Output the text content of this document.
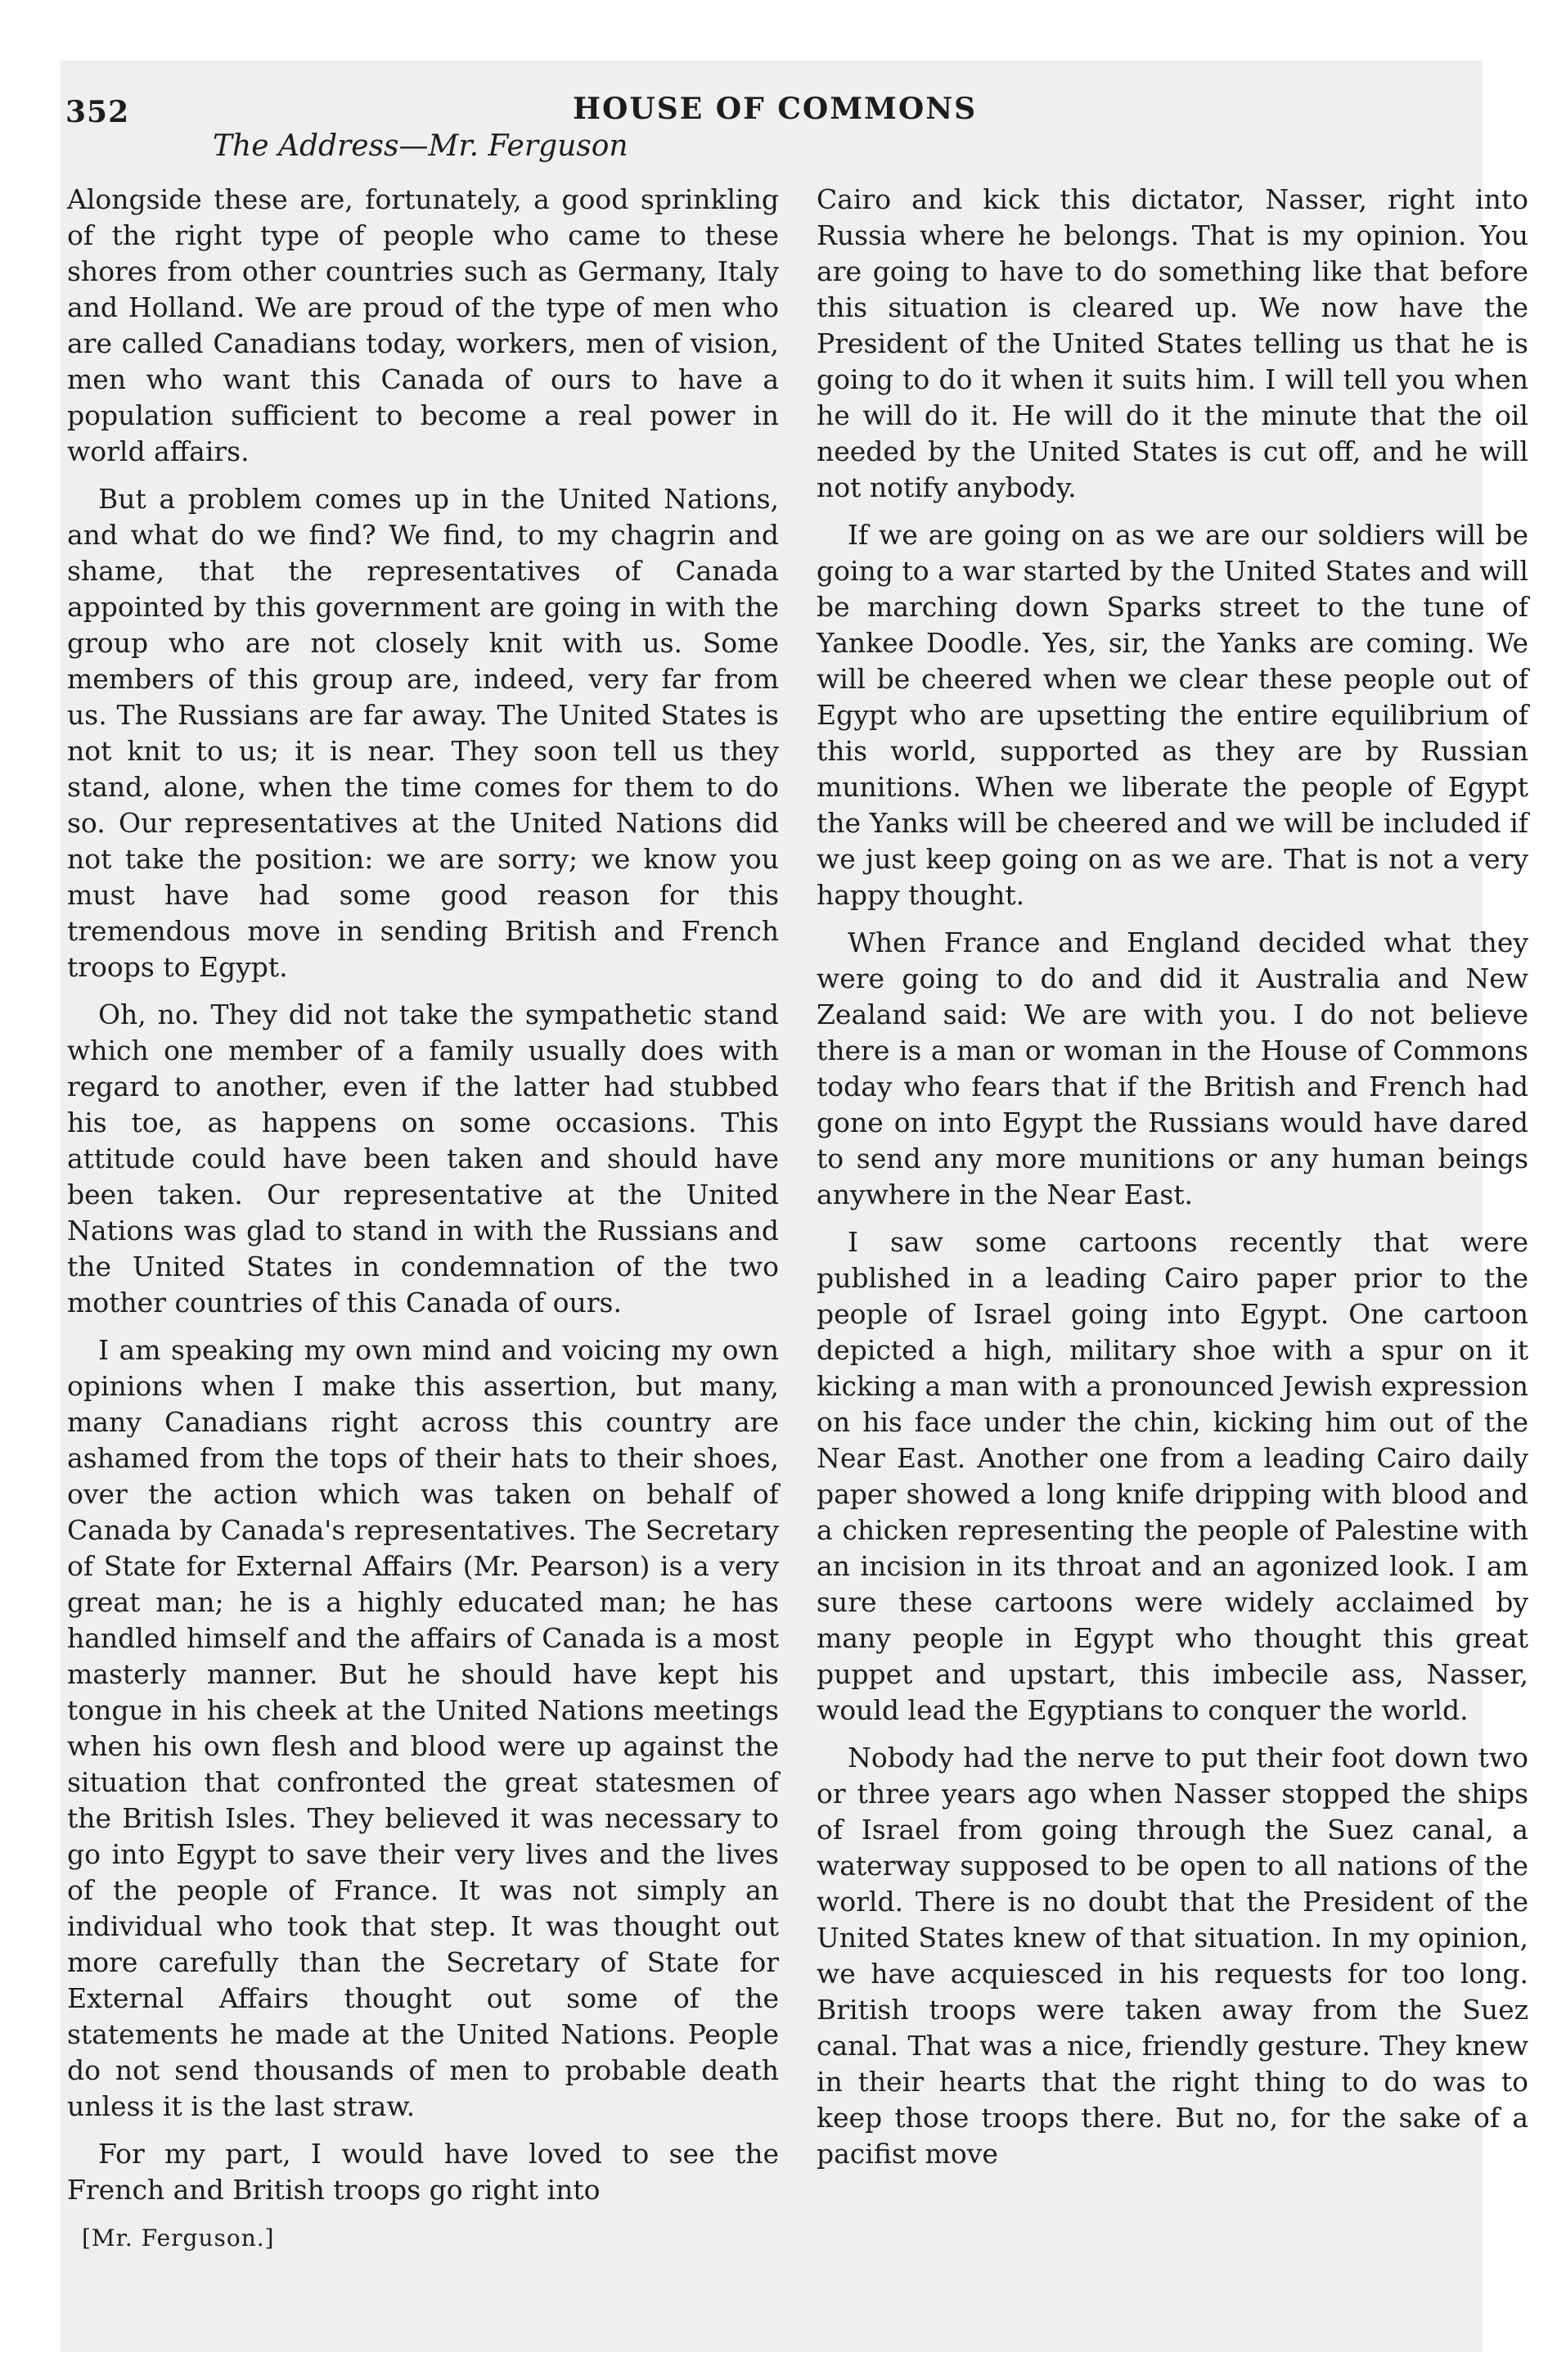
352	HOUSE OF COMMONS
The Address—Mr. Ferguson

Alongside these are, fortunately, a good sprinkling of the right type of people who came to these shores from other countries such as Germany, Italy and Holland. We are proud of the type of men who are called Canadians today, workers, men of vision, men who want this Canada of ours to have a population sufficient to become a real power in world affairs.

But a problem comes up in the United Nations, and what do we find? We find, to my chagrin and shame, that the representatives of Canada appointed by this government are going in with the group who are not closely knit with us. Some members of this group are, indeed, very far from us. The Russians are far away. The United States is not knit to us; it is near. They soon tell us they stand, alone, when the time comes for them to do so. Our representatives at the United Nations did not take the position: we are sorry; we know you must have had some good reason for this tremendous move in sending British and French troops to Egypt.

Oh, no. They did not take the sympathetic stand which one member of a family usually does with regard to another, even if the latter had stubbed his toe, as happens on some occasions. This attitude could have been taken and should have been taken. Our representative at the United Nations was glad to stand in with the Russians and the United States in condemnation of the two mother countries of this Canada of ours.

I am speaking my own mind and voicing my own opinions when I make this assertion, but many, many Canadians right across this country are ashamed from the tops of their hats to their shoes, over the action which was taken on behalf of Canada by Canada's representatives. The Secretary of State for External Affairs (Mr. Pearson) is a very great man; he is a highly educated man; he has handled himself and the affairs of Canada is a most masterly manner. But he should have kept his tongue in his cheek at the United Nations meetings when his own flesh and blood were up against the situation that confronted the great statesmen of the British Isles. They believed it was necessary to go into Egypt to save their very lives and the lives of the people of France. It was not simply an individual who took that step. It was thought out more carefully than the Secretary of State for External Affairs thought out some of the statements he made at the United Nations. People do not send thousands of men to probable death unless it is the last straw.

For my part, I would have loved to see the French and British troops go right into

Cairo and kick this dictator, Nasser, right into Russia where he belongs. That is my opinion. You are going to have to do something like that before this situation is cleared up. We now have the President of the United States telling us that he is going to do it when it suits him. I will tell you when he will do it. He will do it the minute that the oil needed by the United States is cut off, and he will not notify anybody.

If we are going on as we are our soldiers will be going to a war started by the United States and will be marching down Sparks street to the tune of Yankee Doodle. Yes, sir, the Yanks are coming. We will be cheered when we clear these people out of Egypt who are upsetting the entire equilibrium of this world, supported as they are by Russian munitions. When we liberate the people of Egypt the Yanks will be cheered and we will be included if we just keep going on as we are. That is not a very happy thought.

When France and England decided what they were going to do and did it Australia and New Zealand said: We are with you. I do not believe there is a man or woman in the House of Commons today who fears that if the British and French had gone on into Egypt the Russians would have dared to send any more munitions or any human beings anywhere in the Near East.

I saw some cartoons recently that were published in a leading Cairo paper prior to the people of Israel going into Egypt. One cartoon depicted a high, military shoe with a spur on it kicking a man with a pronounced Jewish expression on his face under the chin, kicking him out of the Near East. Another one from a leading Cairo daily paper showed a long knife dripping with blood and a chicken representing the people of Palestine with an incision in its throat and an agonized look. I am sure these cartoons were widely acclaimed by many people in Egypt who thought this great puppet and upstart, this imbecile ass, Nasser, would lead the Egyptians to conquer the world.

Nobody had the nerve to put their foot down two or three years ago when Nasser stopped the ships of Israel from going through the Suez canal, a waterway supposed to be open to all nations of the world. There is no doubt that the President of the United States knew of that situation. In my opinion, we have acquiesced in his requests for too long. British troops were taken away from the Suez canal. That was a nice, friendly gesture. They knew in their hearts that the right thing to do was to keep those troops there. But no, for the sake of a pacifist move

[Mr. Ferguson.]
